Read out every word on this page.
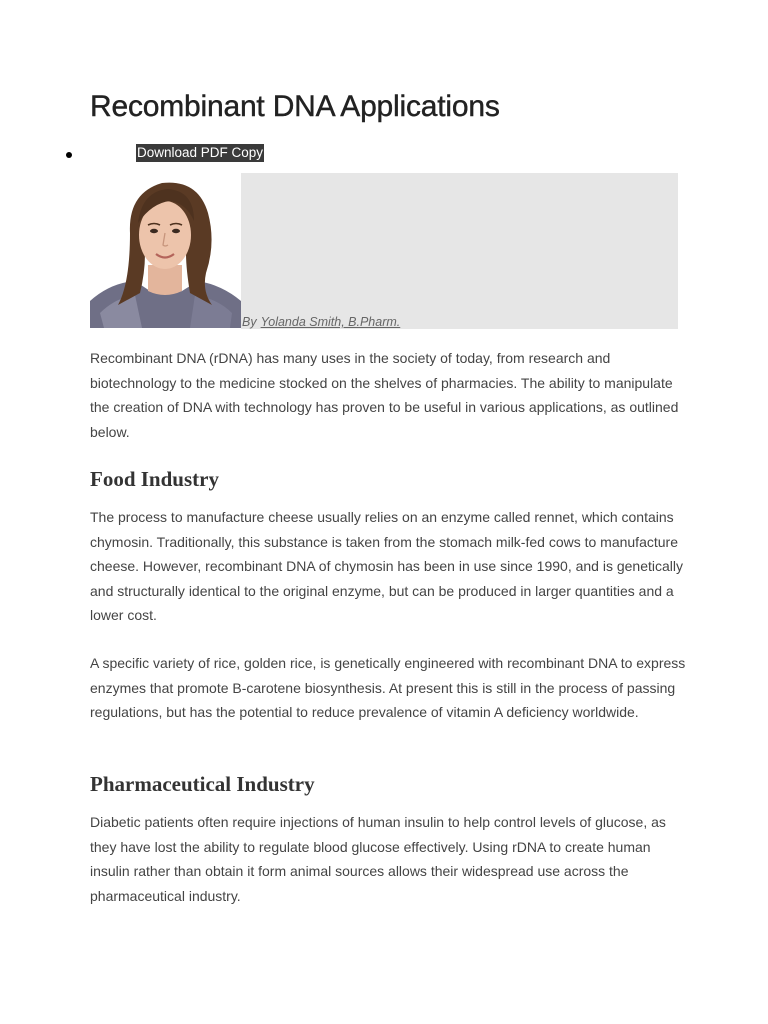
Recombinant DNA Applications
Download PDF Copy
By Yolanda Smith, B.Pharm.

Recombinant DNA (rDNA) has many uses in the society of today, from research and biotechnology to the medicine stocked on the shelves of pharmacies. The ability to manipulate the creation of DNA with technology has proven to be useful in various applications, as outlined below.

Food Industry

The process to manufacture cheese usually relies on an enzyme called rennet, which contains chymosin. Traditionally, this substance is taken from the stomach milk-fed cows to manufacture cheese. However, recombinant DNA of chymosin has been in use since 1990, and is genetically and structurally identical to the original enzyme, but can be produced in larger quantities and a lower cost.

A specific variety of rice, golden rice, is genetically engineered with recombinant DNA to express enzymes that promote B-carotene biosynthesis. At present this is still in the process of passing regulations, but has the potential to reduce prevalence of vitamin A deficiency worldwide.

Pharmaceutical Industry

Diabetic patients often require injections of human insulin to help control levels of glucose, as they have lost the ability to regulate blood glucose effectively. Using rDNA to create human insulin rather than obtain it form animal sources allows their widespread use across the pharmaceutical industry.
